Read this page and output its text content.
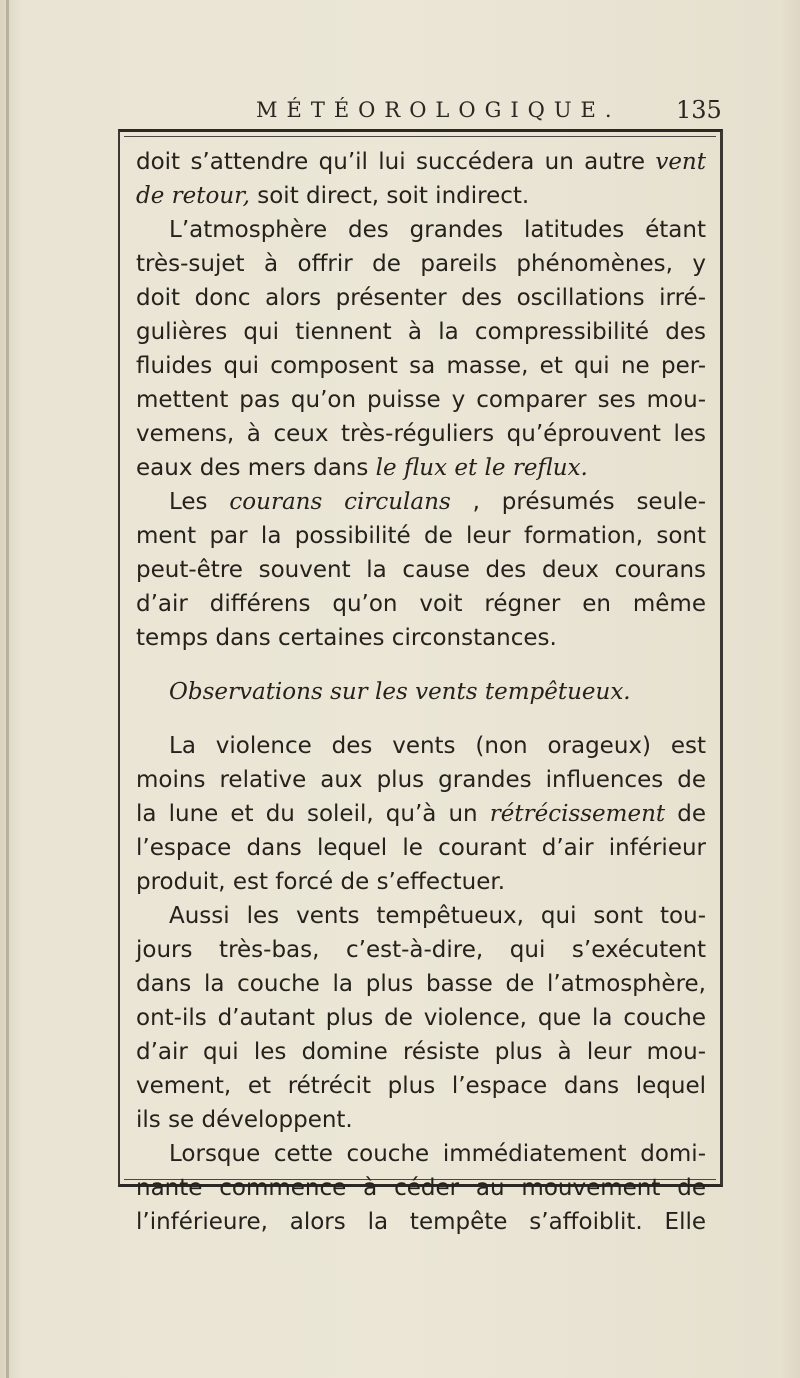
MÉTÉOROLOGIQUE.	135
doit s’attendre qu’il lui succédera un autre vent
de retour, soit direct, soit indirect.
L’atmosphère des grandes latitudes étant
très-sujet à offrir de pareils phénomènes, y
doit donc alors présenter des oscillations irré-
gulières qui tiennent à la compressibilité des
fluides qui composent sa masse, et qui ne per-
mettent pas qu’on puisse y comparer ses mou-
vemens, à ceux très-réguliers qu’éprouvent les
eaux des mers dans le flux et le reflux.
Les courans circulans , présumés seule-
ment par la possibilité de leur formation, sont
peut-être souvent la cause des deux courans
d’air différens qu’on voit régner en même
temps dans certaines circonstances.
Observations sur les vents tempêtueux.
La violence des vents (non orageux) est
moins relative aux plus grandes influences de
la lune et du soleil, qu’à un rétrécissement de
l’espace dans lequel le courant d’air inférieur
produit, est forcé de s’effectuer.
Aussi les vents tempêtueux, qui sont tou-
jours très-bas, c’est-à-dire, qui s’exécutent
dans la couche la plus basse de l’atmosphère,
ont-ils d’autant plus de violence, que la couche
d’air qui les domine résiste plus à leur mou-
vement, et rétrécit plus l’espace dans lequel
ils se développent.
Lorsque cette couche immédiatement domi-
nante commence à céder au mouvement de
l’inférieure, alors la tempête s’affoiblit. Elle
